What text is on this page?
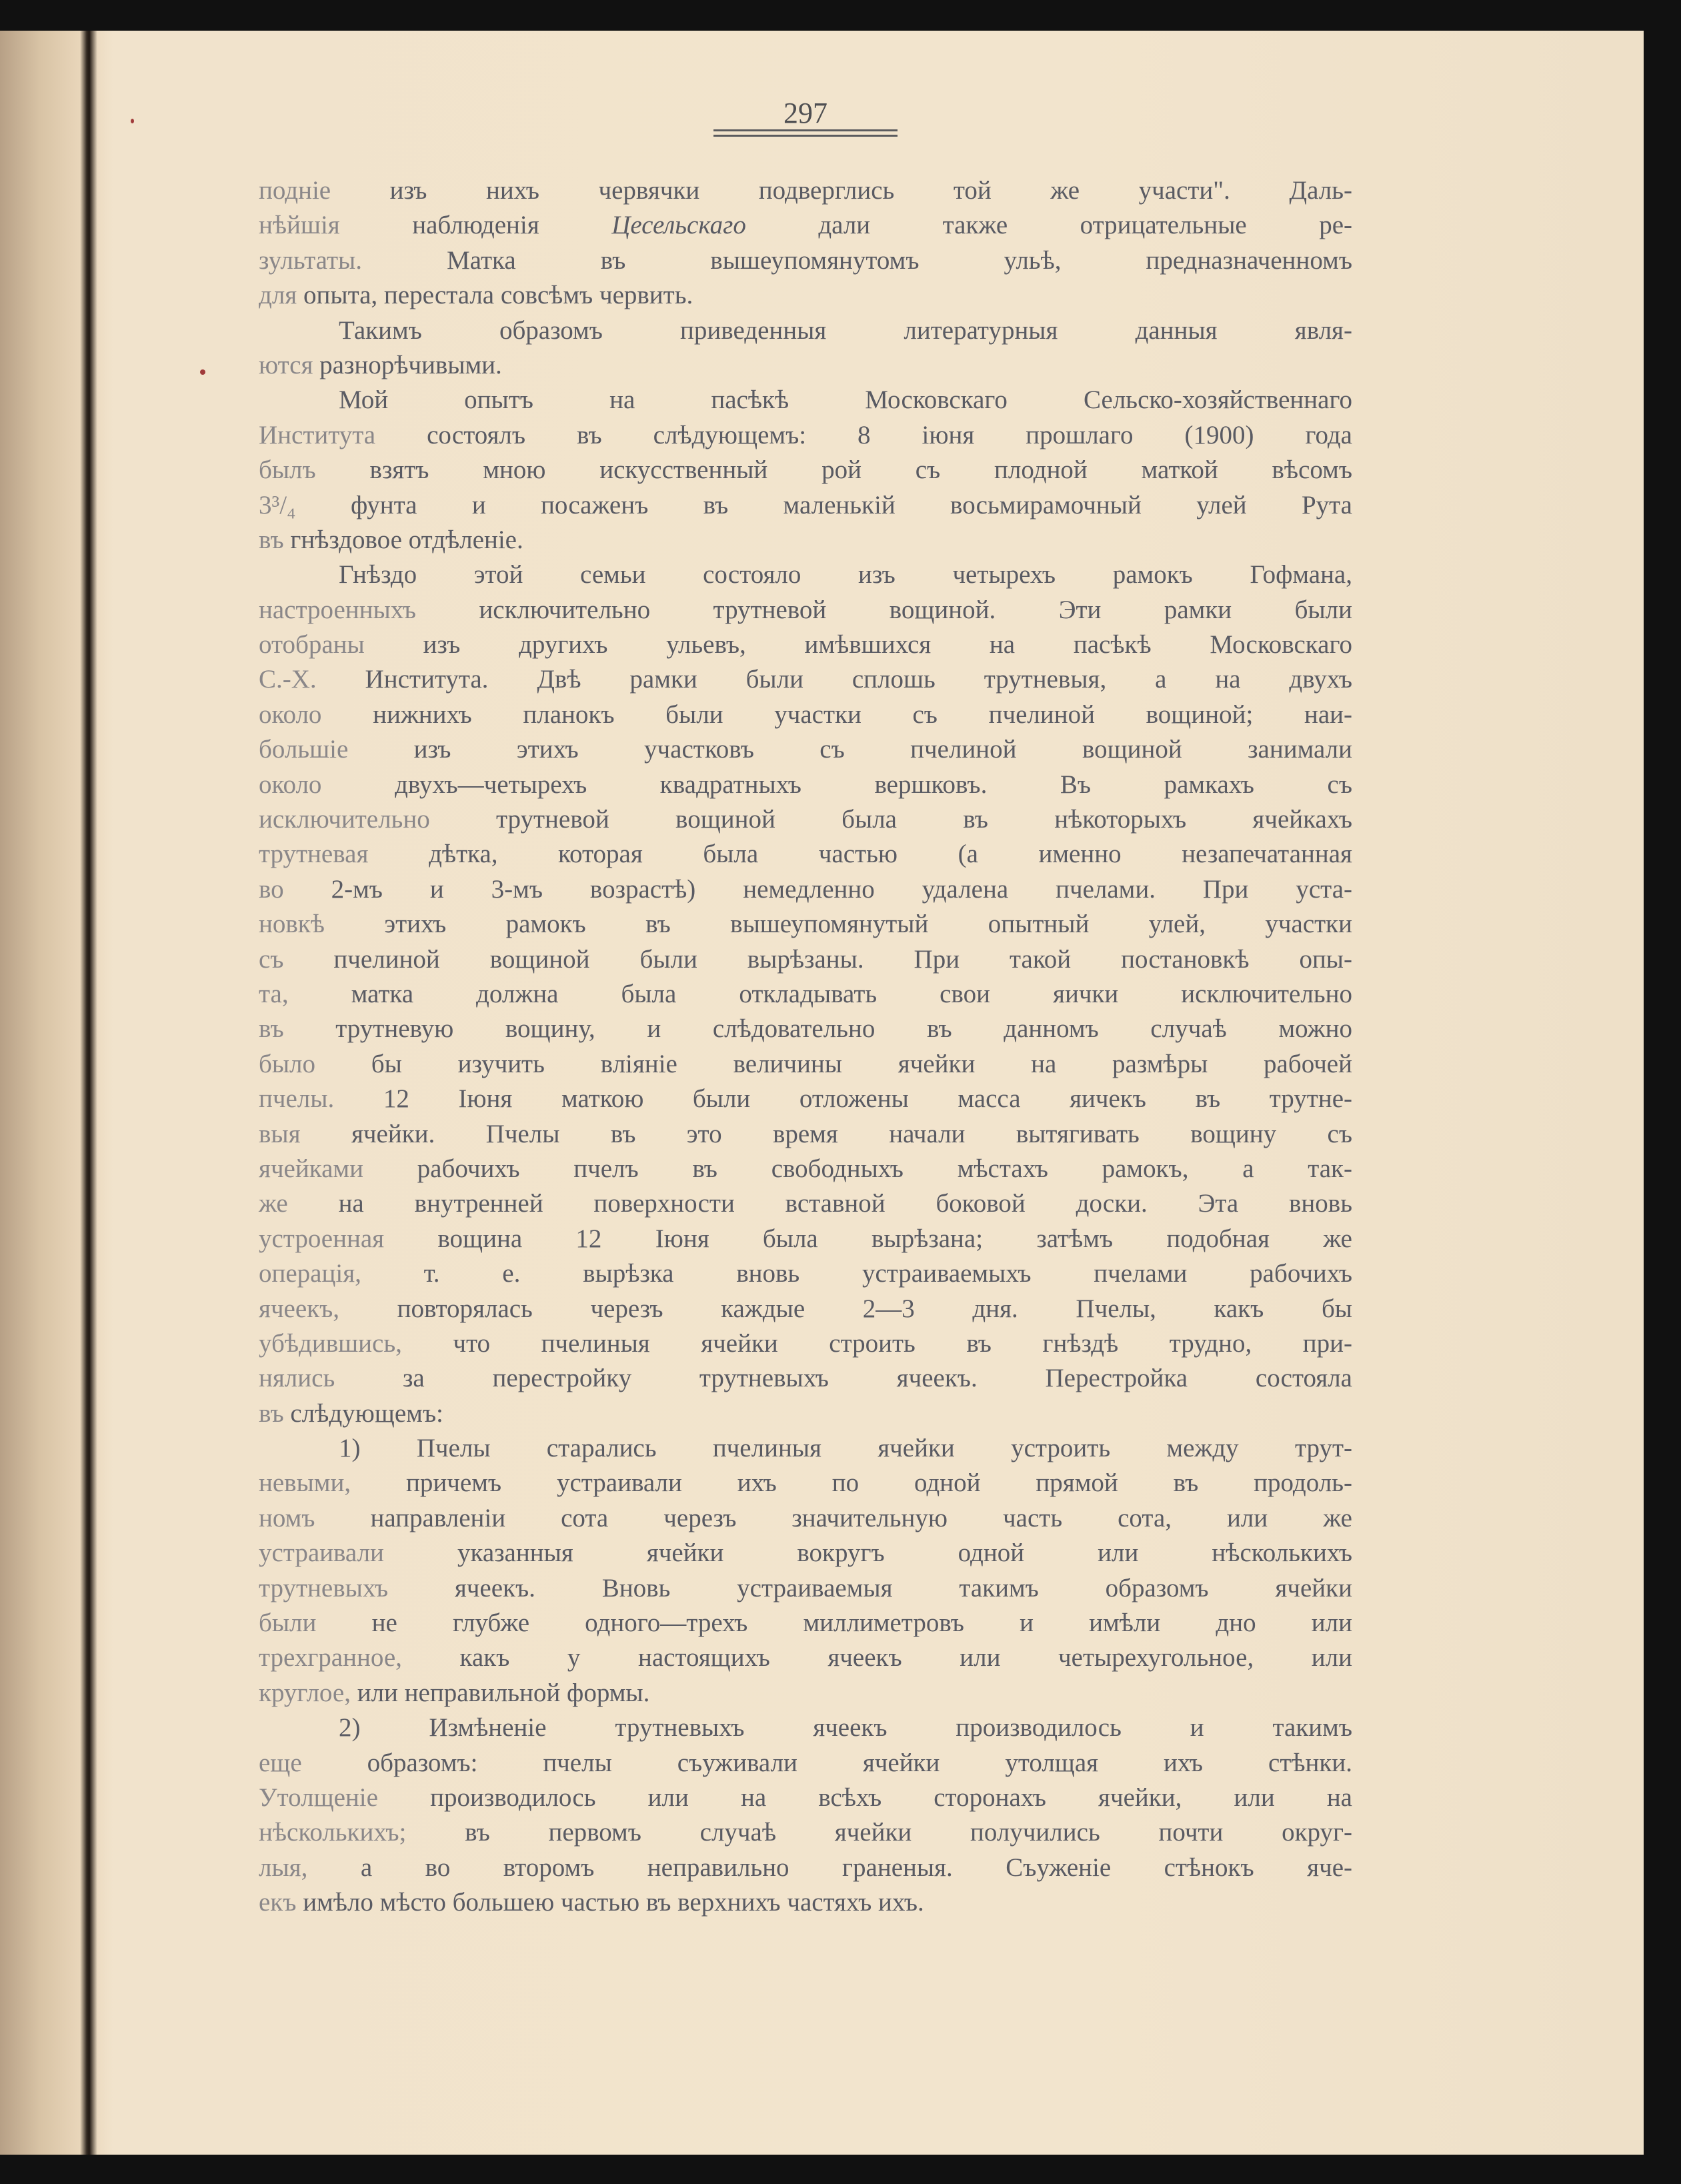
297
подніе изъ нихъ червячки подверглись той же участи". Даль-
нѣйшія наблюденія Цесельскаго дали также отрицательные ре-
зультаты. Матка въ вышеупомянутомъ ульѣ, предназначенномъ
для опыта, перестала совсѣмъ червить.
Такимъ образомъ приведенныя литературныя данныя явля-
ются разнорѣчивыми.
Мой опытъ на пасѣкѣ Московскаго Сельско-хозяйственнаго
Института состоялъ въ слѣдующемъ: 8 іюня прошлаго (1900) года
былъ взятъ мною искусственный рой съ плодной маткой вѣсомъ
3³/₄ фунта и посаженъ въ маленькій восьмирамочный улей Рута
въ гнѣздовое отдѣленіе.
Гнѣздо этой семьи состояло изъ четырехъ рамокъ Гофмана,
настроенныхъ исключительно трутневой вощиной. Эти рамки были
отобраны изъ другихъ ульевъ, имѣвшихся на пасѣкѣ Московскаго
С.-Х. Института. Двѣ рамки были сплошь трутневыя, а на двухъ
около нижнихъ планокъ были участки съ пчелиной вощиной; наи-
большіе изъ этихъ участковъ съ пчелиной вощиной занимали
около двухъ—четырехъ квадратныхъ вершковъ. Въ рамкахъ съ
исключительно трутневой вощиной была въ нѣкоторыхъ ячейкахъ
трутневая дѣтка, которая была частью (а именно незапечатанная
во 2-мъ и 3-мъ возрастѣ) немедленно удалена пчелами. При уста-
новкѣ этихъ рамокъ въ вышеупомянутый опытный улей, участки
съ пчелиной вощиной были вырѣзаны. При такой постановкѣ опы-
та, матка должна была откладывать свои яички исключительно
въ трутневую вощину, и слѣдовательно въ данномъ случаѣ можно
было бы изучить вліяніе величины ячейки на размѣры рабочей
пчелы. 12 Іюня маткою были отложены масса яичекъ въ трутне-
выя ячейки. Пчелы въ это время начали вытягивать вощину съ
ячейками рабочихъ пчелъ въ свободныхъ мѣстахъ рамокъ, а так-
же на внутренней поверхности вставной боковой доски. Эта вновь
устроенная вощина 12 Іюня была вырѣзана; затѣмъ подобная же
операція, т. е. вырѣзка вновь устраиваемыхъ пчелами рабочихъ
ячеекъ, повторялась черезъ каждые 2—3 дня. Пчелы, какъ бы
убѣдившись, что пчелиныя ячейки строить въ гнѣздѣ трудно, при-
нялись за перестройку трутневыхъ ячеекъ. Перестройка состояла
въ слѣдующемъ:
1) Пчелы старались пчелиныя ячейки устроить между трут-
невыми, причемъ устраивали ихъ по одной прямой въ продоль-
номъ направленіи сота черезъ значительную часть сота, или же
устраивали указанныя ячейки вокругъ одной или нѣсколькихъ
трутневыхъ ячеекъ. Вновь устраиваемыя такимъ образомъ ячейки
были не глубже одного—трехъ миллиметровъ и имѣли дно или
трехгранное, какъ у настоящихъ ячеекъ или четырехугольное, или
круглое, или неправильной формы.
2) Измѣненіе трутневыхъ ячеекъ производилось и такимъ
еще образомъ: пчелы съуживали ячейки утолщая ихъ стѣнки.
Утолщеніе производилось или на всѣхъ сторонахъ ячейки, или на
нѣсколькихъ; въ первомъ случаѣ ячейки получились почти округ-
лыя, а во второмъ неправильно граненыя. Съуженіе стѣнокъ яче-
екъ имѣло мѣсто большею частью въ верхнихъ частяхъ ихъ.
